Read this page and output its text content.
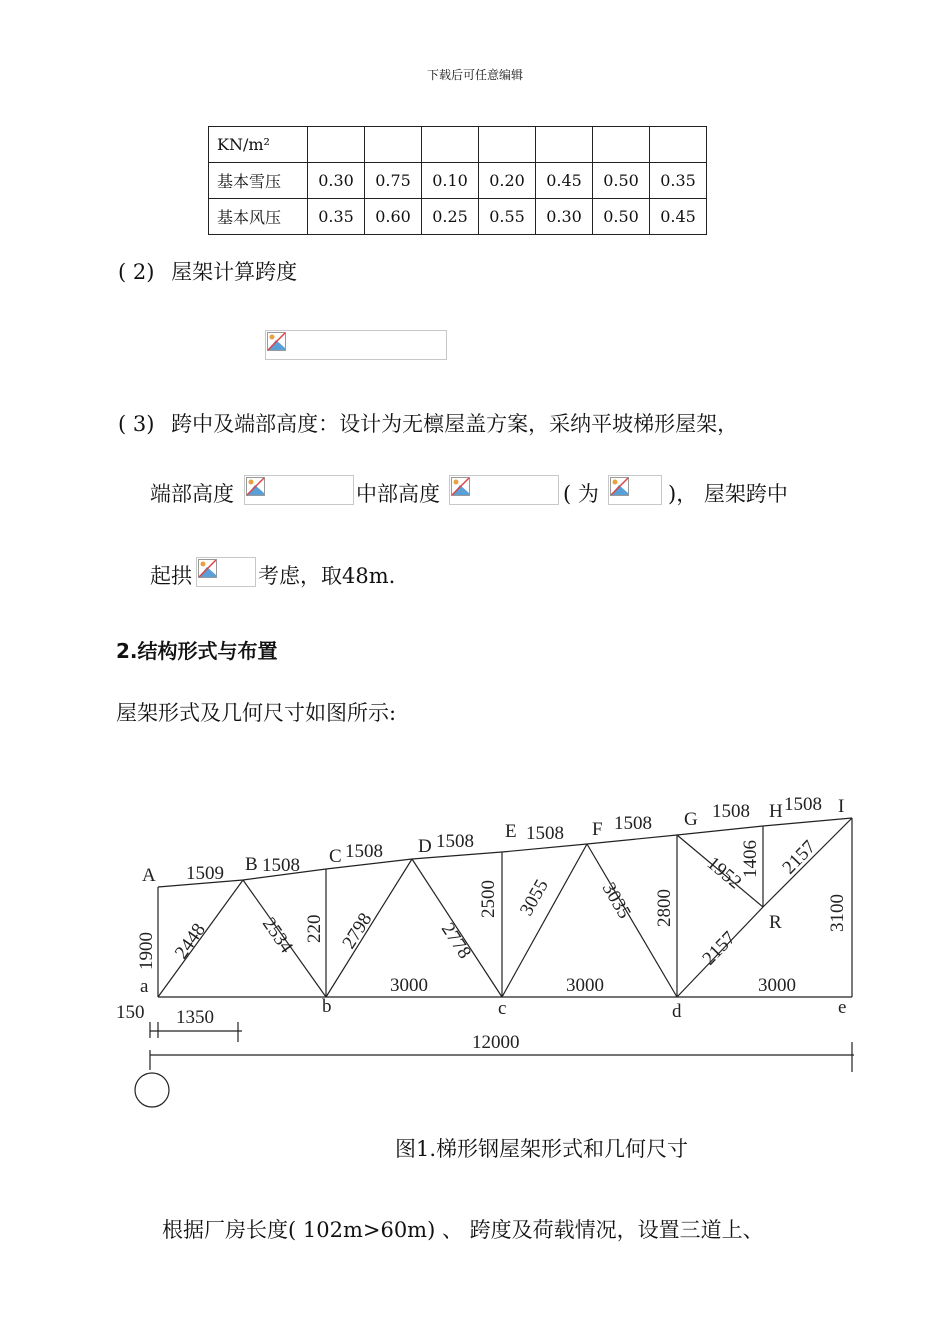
下载后可任意编辑
KN/m²							
基本雪压	0.30	0.75	0.10	0.20	0.45	0.50	0.35
基本风压	0.35	0.60	0.25	0.55	0.30	0.50	0.45
( 2) 屋架计算跨度
( 3) 跨中及端部高度：设计为无檩屋盖方案，采纳平坡梯形屋架，
端部高度	中部高度	( 为	)， 屋架跨中
起拱	考虑，取48m.
2.结构形式与布置
屋架形式及几何尺寸如图所示:
A
B	C	D
E	F	G	H	I
a
b	c	d	e
R
1509 1508
1508	1508	1508	1508
1508 1508
1900 2448	2534 220 2798	2778
2500 3055 3035 2800
1952
1406 2157
2157
3100
3000	3000	3000
150 1350
12000
图1.梯形钢屋架形式和几何尺寸
根据厂房长度( 102m>60m) 、 跨度及荷载情况，设置三道上、
